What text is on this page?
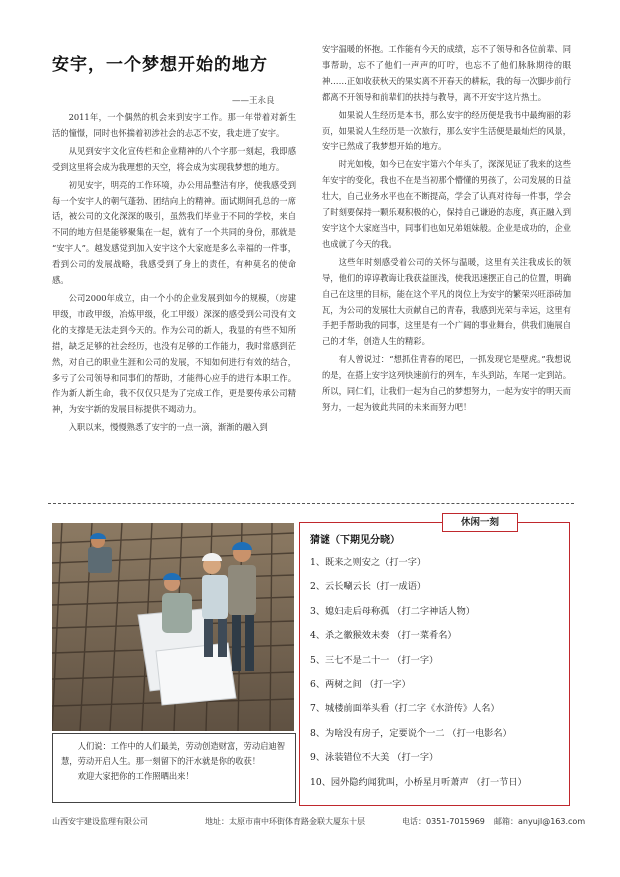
安宇，一个梦想开始的地方
——王永良

2011年，一个偶然的机会来到安宇工作。那一年带着对新生活的憧憬，同时也怀揣着初涉社会的忐忑不安，我走进了安宇。

从见到安宇文化宣传栏和企业精神的八个字那一刻起，我即感受到这里将会成为我理想的天空，将会成为实现我梦想的地方。

初见安宇，明亮的工作环境，办公用品整洁有序，使我感受到每一个安宇人的朝气蓬勃、团结向上的精神。面试期间孔总的一席话，被公司的文化深深的吸引，虽然我们毕业于不同的学校，来自不同的地方但是能够聚集在一起，就有了一个共同的身份，那就是 “安宇人”。越发感觉到加入安宇这个大家庭是多么幸福的一件事，看到公司的发展战略，我感受到了身上的责任，有种莫名的使命感。

公司2000年成立，由一个小的企业发展到如今的规模，（房建甲级，市政甲级，冶炼甲级，化工甲级）深深的感受到公司没有文化的支撑是无法走到今天的。作为公司的新人，我显的有些不知所措，缺乏足够的社会经历，也没有足够的工作能力，我时常感到茫然，对自己的职业生涯和公司的发展，不知如何进行有效的结合，多亏了公司领导和同事们的帮助，才能得心应手的进行本职工作。作为新人新生命，我不仅仅只是为了完成工作，更是要传承公司精神，为安宇新的发展目标提供不竭动力。

入职以来，慢慢熟悉了安宇的一点一滴，渐渐的融入到

安宇温暖的怀抱。工作能有今天的成绩，忘不了领导和各位前辈、同事帮助，忘不了他们一声声的叮咛，也忘不了他们脉脉期待的眼神……正如收获秋天的果实离不开春天的耕耘，我的每一次脚步前行都离不开领导和前辈们的扶持与教导，离不开安宇这片热土。

如果说人生经历是本书，那么安宇的经历便是我书中最绚丽的彩页，如果说人生经历是一次旅行，那么安宇生活便是最灿烂的风景，安宇已然成了我梦想开始的地方。

时光如梭，如今已在安宇第六个年头了，深深见证了我来的这些年安宇的变化，我也不在是当初那个懵懂的男孩了，公司发展的日益壮大，自己业务水平也在不断提高，学会了认真对待每一件事，学会了时刻要保持一颗乐观积极的心，保持自己谦逊的态度，真正融入到安宇这个大家庭当中，同事们也如兄弟姐妹般。企业是成功的，企业也成就了今天的我。

这些年时刻感受着公司的关怀与温暖，这里有关注我成长的领导，他们的谆谆教诲让我获益匪浅，使我迅速摆正自己的位置，明确自己在这里的目标，能在这个平凡的岗位上为安宇的繁荣兴旺添砖加瓦，为公司的发展壮大贡献自己的青春，我感到光荣与幸运，这里有手把手帮助我的同事，这里是有一个广阔的事业舞台，供我们施展自己的才华，创造人生的精彩。

有人曾说过：“想抓住青春的尾巴，一抓发现它是壁虎。”我想说的是，在搭上安宇这列快速前行的列车，车头到站，车尾一定到站。所以，同仁们，让我们一起为自己的梦想努力，一起为安宇的明天而努力，一起为彼此共同的未来而努力吧！

人们说：工作中的人们最美，劳动创造财富，劳动启迪智慧，劳动开启人生。那一刻留下的汗水就是你的收获！

欢迎大家把你的工作照晒出来！

休闲一刻
猜谜（下期见分晓）
1、既来之则安之（打一字）
2、云长唰云长（打一成语）
3、媳妇走后母称孤 （打二字神话人物）
4、杀之徽猴效未奏 （打一菜肴名）
5、三七不是二十一 （打一字）
6、两树之间 （打一字）
7、城楼前面举头看（打二字《水浒传》人名）
8、为啥没有房子，定要说个一二 （打一电影名）
9、泳装错位不大美 （打一字）
10、园外隐约闻犹叫，小桥星月听萧声 （打一节日）
山西安宇建设监理有限公司	地址：太原市南中环街体育路金联大厦东十层	电话：0351-7015969 邮箱：anyujl@163.com
